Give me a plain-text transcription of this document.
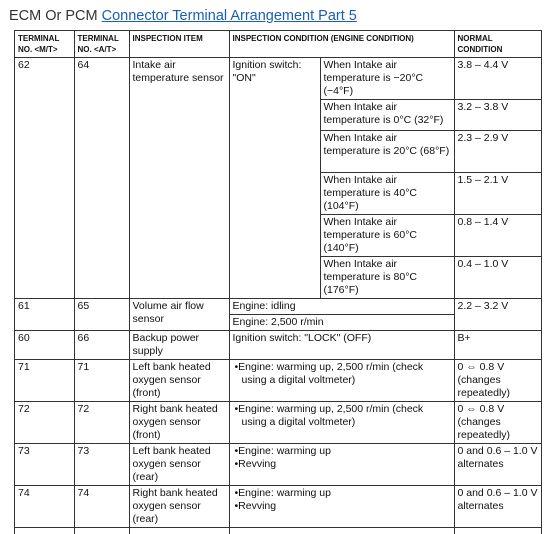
ECM Or PCM Connector Terminal Arrangement Part 5
TERMINAL NO. <M/T>	TERMINAL NO. <A/T>	INSPECTION ITEM	INSPECTION CONDITION (ENGINE CONDITION)		NORMAL CONDITION
62	64	Intake air temperature sensor	Ignition switch: "ON"	When Intake air temperature is −20°C (−4°F)	3.8 – 4.4 V
				When Intake air temperature is 0°C (32°F)	3.2 – 3.8 V
				When Intake air temperature is 20°C (68°F)	2.3 – 2.9 V
				When Intake air temperature is 40°C (104°F)	1.5 – 2.1 V
				When Intake air temperature is 60°C (140°F)	0.8 – 1.4 V
				When Intake air temperature is 80°C (176°F)	0.4 – 1.0 V
61	65	Volume air flow sensor	Engine: idling		2.2 – 3.2 V
			Engine: 2,500 r/min		
60	66	Backup power supply	Ignition switch: "LOCK" (OFF)		B+
71	71	Left bank heated oxygen sensor (front)	•Engine: warming up, 2,500 r/min (check using a digital voltmeter)		0 ⇔ 0.8 V (changes repeatedly)
72	72	Right bank heated oxygen sensor (front)	•Engine: warming up, 2,500 r/min (check using a digital voltmeter)		0 ⇔ 0.8 V (changes repeatedly)
73	73	Left bank heated oxygen sensor (rear)	•Engine: warming up
•Revving		0 and 0.6 – 1.0 V alternates
74	74	Right bank heated oxygen sensor (rear)	•Engine: warming up
•Revving		0 and 0.6 – 1.0 V alternates
